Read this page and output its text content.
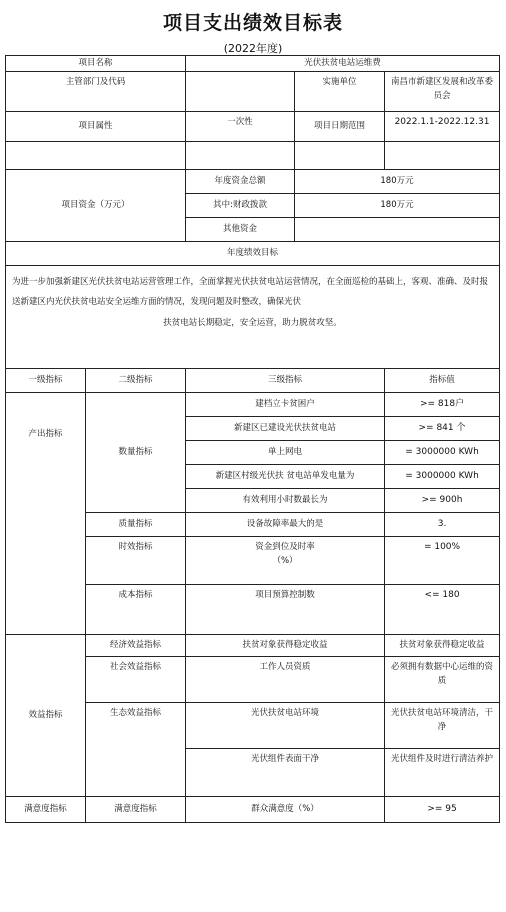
项目支出绩效目标表
(2022年度)
项目名称		光伏扶贫电站运维费		
主管部门及代码			实施单位	南昌市新建区发展和改革委员会
项目属性		一次性	项目日期范围	2022.1.1-2022.12.31

项目资金（万元）		年度资金总额	180万元	
		其中:财政拨款	180万元	
		其他资金		
年度绩效目标				
为进一步加强新建区光伏扶贫电站运营管理工作，全面掌握光伏扶贫电站运营情况，在全面巡检的基础上，客观、准确、及时报送新建区内光伏扶贫电站安全运维方面的情况，发现问题及时整改，确保光伏
扶贫电站长期稳定，安全运营，助力脱贫攻坚。				

一级指标	二级指标	三级指标		指标值
产出指标	数量指标	建档立卡贫困户		>= 818户
		新建区已建设光伏扶贫电站		>= 841 个
		单上网电		= 3000000 KWh
		新建区村级光伏扶 贫电站单发电量为		= 3000000 KWh
		有效利用小时数最长为		>= 900h
	质量指标	设备故障率最大的是		3.
	时效指标	资金到位及时率
（%）		= 100%
	成本指标	项目预算控制数		<= 180
效益指标	经济效益指标	扶贫对象获得稳定收益		扶贫对象获得稳定收益
	社会效益指标	工作人员资质		必须拥有数据中心运维的资质
	生态效益指标	光伏扶贫电站环境		光伏扶贫电站环境清洁，干净
		光伏组件表面干净		光伏组件及时进行清洁养护
满意度指标	满意度指标	群众满意度（%）		>= 95
